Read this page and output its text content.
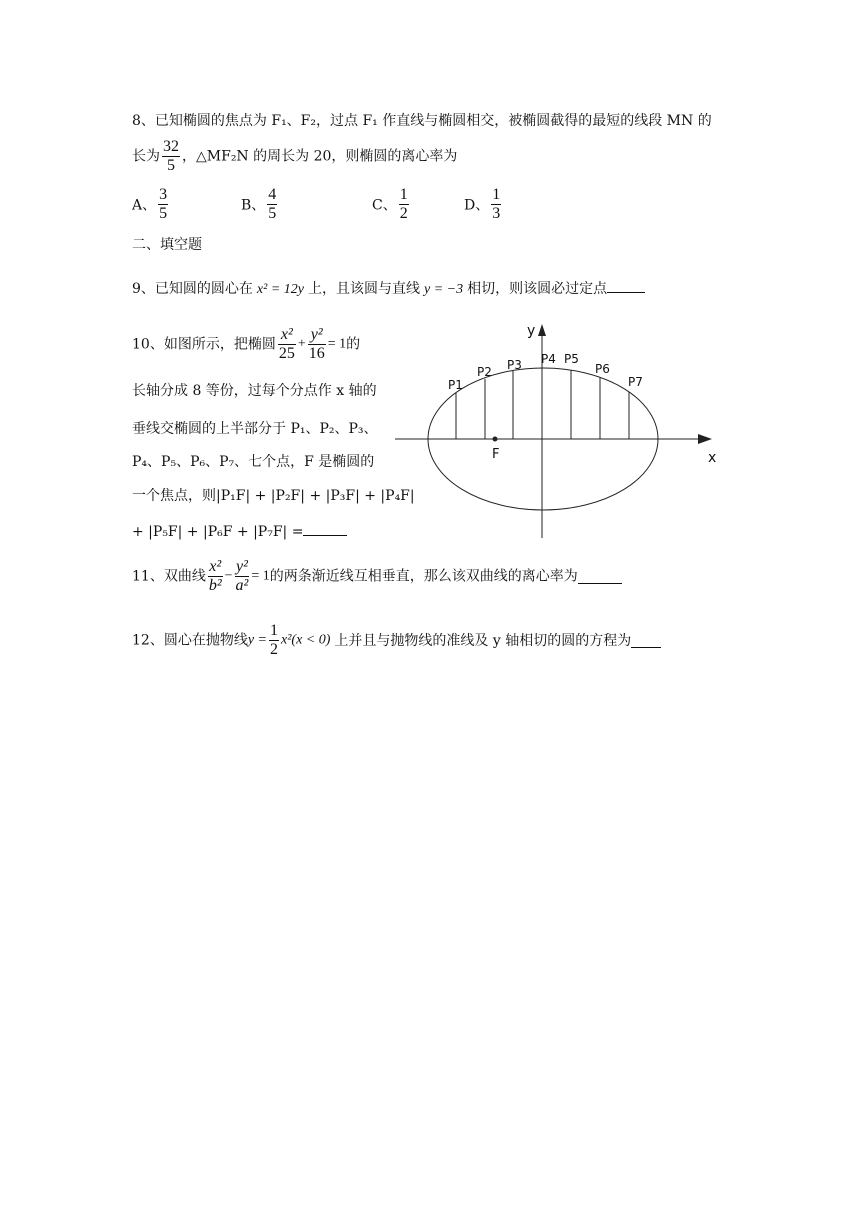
8、已知椭圆的焦点为 F₁、F₂，过点 F₁ 作直线与椭圆相交，被椭圆截得的最短的线段 MN 的
长为 $\frac{32}{5}$ ，△MF₂N 的周长为 20，则椭圆的离心率为
A、 $\frac{3}{5}$	B、 $\frac{4}{5}$	C、 $\frac{1}{2}$	D、 $\frac{1}{3}$
二、填空题
9、已知圆的圆心在 x² = 12y 上，且该圆与直线 y = −3 相切，则该圆必过定点
10、如图所示，把椭圆 $\frac{\text{x²}}{25} + \frac{\text{y²}}{16} = 1$的
长轴分成 8 等份，过每个分点作 x 轴的
垂线交椭圆的上半部分于 P₁、P₂、P₃、
P₄、P₅、P₆、P₇、七个点，F 是椭圆的
一个焦点，则|P₁F| + |P₂F| + |P₃F| + |P₄F|
+ |P₅F| + |P₆F + |P₇F| =
y
x
F
P1
P2 P3 P4 P5
P6
P7
11、双曲线 $\frac{\text{x²}}{\text{b²}} - \frac{\text{y²}}{\text{a²}} = 1$的两条渐近线互相垂直，那么该双曲线的离心率为
12、圆心在抛物线$y = \frac{1}{2} x^2(x < 0)$ 上并且与抛物线的准线及 y 轴相切的圆的方程为
